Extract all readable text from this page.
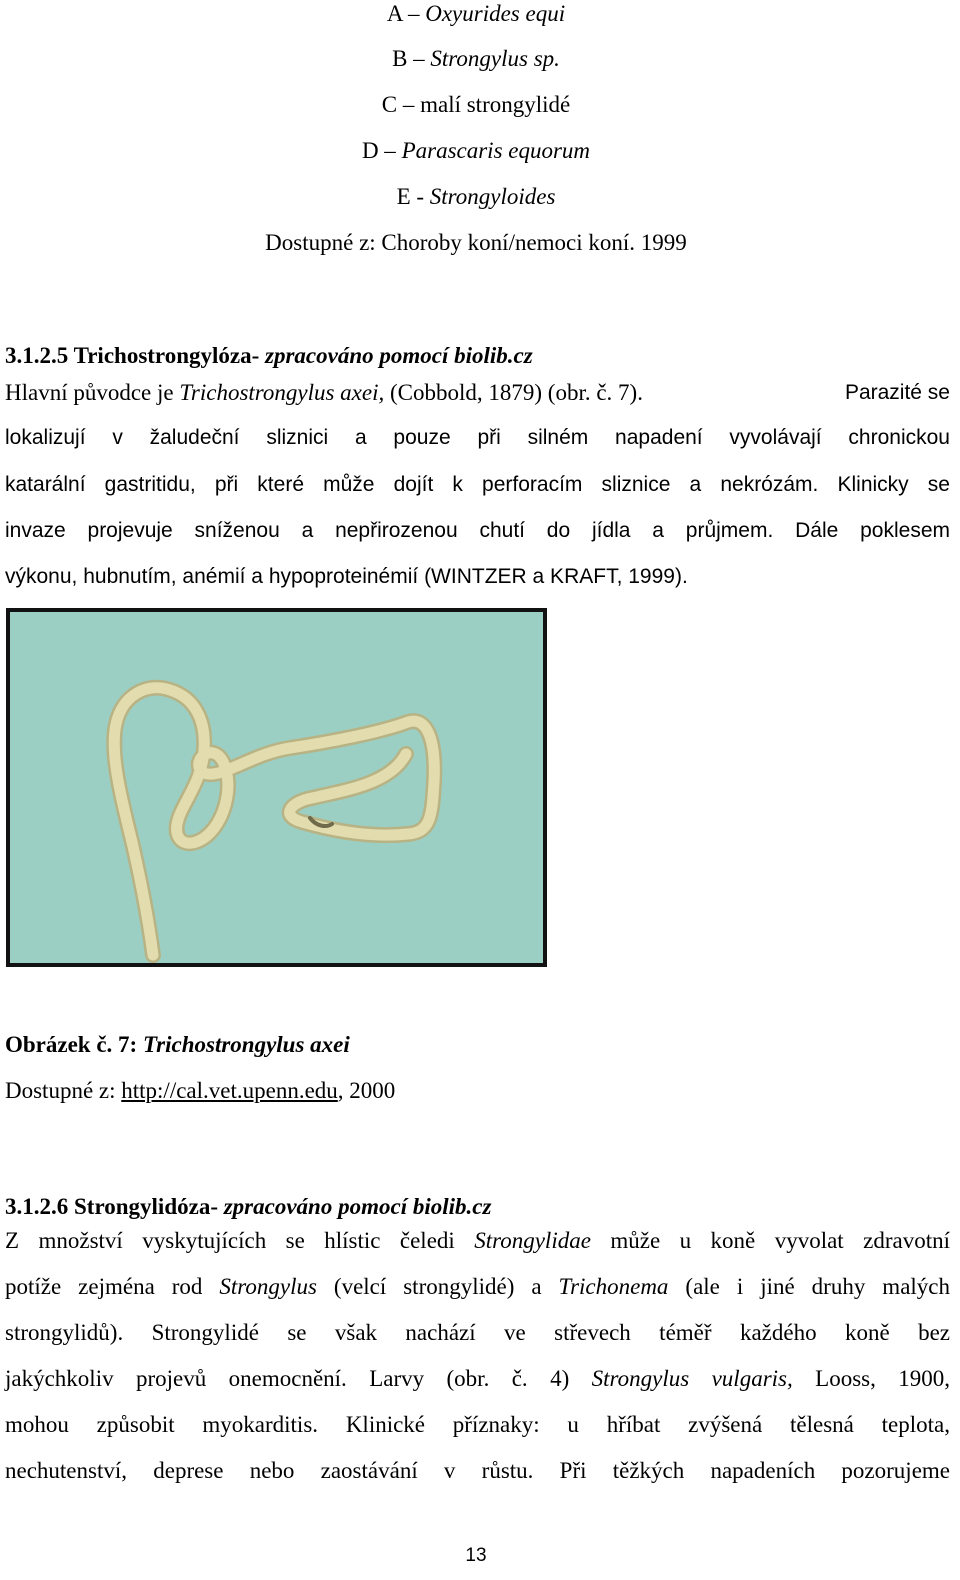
A – Oxyurides equi
B – Strongylus sp.
C – malí strongylidé
D – Parascaris equorum
E - Strongyloides
Dostupné z: Choroby koní/nemoci koní. 1999
3.1.2.5 Trichostrongylóza- zpracováno pomocí biolib.cz
Hlavní původce je Trichostrongylus axei, (Cobbold, 1879) (obr. č. 7).	Parazité se
lokalizují v žaludeční sliznici a pouze při silném napadení vyvolávají chronickou
katarální gastritidu, při které může dojít k perforacím sliznice a nekrózám. Klinicky se
invaze projevuje sníženou a nepřirozenou chutí do jídla a průjmem. Dále poklesem
výkonu, hubnutím, anémií a hypoproteinémií (WINTZER a KRAFT, 1999).
Obrázek č. 7: Trichostrongylus axei
Dostupné z: http://cal.vet.upenn.edu, 2000
3.1.2.6 Strongylidóza- zpracováno pomocí biolib.cz
Z množství vyskytujících se hlístic čeledi Strongylidae může u koně vyvolat zdravotní
potíže zejména rod Strongylus (velcí strongylidé) a Trichonema (ale i jiné druhy malých
strongylidů). Strongylidé se však nachází ve střevech téměř každého koně bez
jakýchkoliv projevů onemocnění. Larvy (obr. č. 4) Strongylus vulgaris, Looss, 1900,
mohou způsobit myokarditis. Klinické příznaky: u hříbat zvýšená tělesná teplota,
nechutenství, deprese nebo zaostávání v růstu. Při těžkých napadeních pozorujeme
13
